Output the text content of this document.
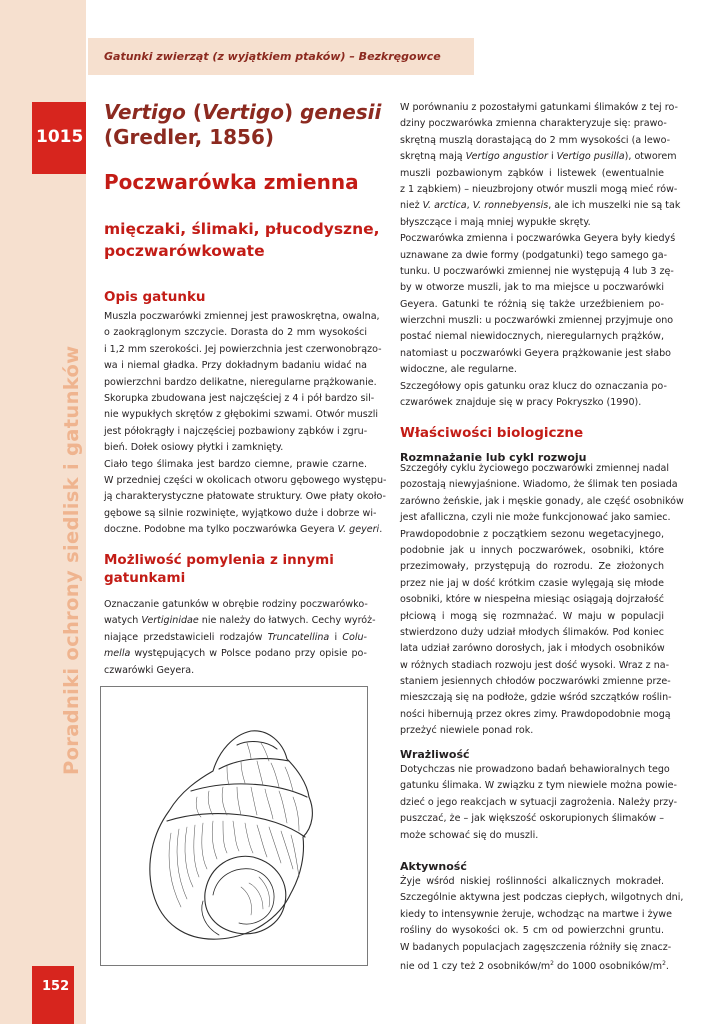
Gatunki zwierząt (z wyjątkiem ptaków) – Bezkręgowce
1015
Poradniki ochrony siedlisk i gatunków
152
Vertigo (Vertigo) genesii
(Gredler, 1856)
Poczwarówka zmienna
mięczaki, ślimaki, płucodyszne,
poczwarówkowate
Opis gatunku
Muszla poczwarówki zmiennej jest prawoskrętna, owalna,
o zaokrąglonym szczycie. Dorasta do 2 mm wysokości
i 1,2 mm szerokości. Jej powierzchnia jest czerwonobrązo-
wa i niemal gładka. Przy dokładnym badaniu widać na
powierzchni bardzo delikatne, nieregularne prążkowanie.
Skorupka zbudowana jest najczęściej z 4 i pół bardzo sil-
nie wypukłych skrętów z głębokimi szwami. Otwór muszli
jest półokrągły i najczęściej pozbawiony ząbków i zgru-
bień. Dołek osiowy płytki i zamknięty.
Ciało tego ślimaka jest bardzo ciemne, prawie czarne.
W przedniej części w okolicach otworu gębowego występu-
ją charakterystyczne płatowate struktury. Owe płaty około-
gębowe są silnie rozwinięte, wyjątkowo duże i dobrze wi-
doczne. Podobne ma tylko poczwarówka Geyera V. geyeri.
Możliwość pomylenia z innymi
gatunkami
Oznaczanie gatunków w obrębie rodziny poczwarówko-
watych Vertiginidae nie należy do łatwych. Cechy wyróż-
niające przedstawicieli rodzajów Truncatellina i Colu-
mella występujących w Polsce podano przy opisie po-
czwarówki Geyera.
W porównaniu z pozostałymi gatunkami ślimaków z tej ro-
dziny poczwarówka zmienna charakteryzuje się: prawo-
skrętną muszlą dorastającą do 2 mm wysokości (a lewo-
skrętną mają Vertigo angustior i Vertigo pusilla), otworem
muszli pozbawionym ząbków i listewek (ewentualnie
z 1 ząbkiem) – nieuzbrojony otwór muszli mogą mieć rów-
nież V. arctica, V. ronnebyensis, ale ich muszelki nie są tak
błyszczące i mają mniej wypukłe skręty.
Poczwarówka zmienna i poczwarówka Geyera były kiedyś
uznawane za dwie formy (podgatunki) tego samego ga-
tunku. U poczwarówki zmiennej nie występują 4 lub 3 zę-
by w otworze muszli, jak to ma miejsce u poczwarówki
Geyera. Gatunki te różnią się także urzeźbieniem po-
wierzchni muszli: u poczwarówki zmiennej przyjmuje ono
postać niemal niewidocznych, nieregularnych prążków,
natomiast u poczwarówki Geyera prążkowanie jest słabo
widoczne, ale regularne.
Szczegółowy opis gatunku oraz klucz do oznaczania po-
czwarówek znajduje się w pracy Pokryszko (1990).
Właściwości biologiczne
Rozmnażanie lub cykl rozwoju
Szczegóły cyklu życiowego poczwarówki zmiennej nadal
pozostają niewyjaśnione. Wiadomo, że ślimak ten posiada
zarówno żeńskie, jak i męskie gonady, ale część osobników
jest afalliczna, czyli nie może funkcjonować jako samiec.
Prawdopodobnie z początkiem sezonu wegetacyjnego,
podobnie jak u innych poczwarówek, osobniki, które
przezimowały, przystępują do rozrodu. Ze złożonych
przez nie jaj w dość krótkim czasie wylęgają się młode
osobniki, które w niespełna miesiąc osiągają dojrzałość
płciową i mogą się rozmnażać. W maju w populacji
stwierdzono duży udział młodych ślimaków. Pod koniec
lata udział zarówno dorosłych, jak i młodych osobników
w różnych stadiach rozwoju jest dość wysoki. Wraz z na-
staniem jesiennych chłodów poczwarówki zmienne prze-
mieszczają się na podłoże, gdzie wśród szczątków roślin-
ności hibernują przez okres zimy. Prawdopodobnie mogą
przeżyć niewiele ponad rok.
Wrażliwość
Dotychczas nie prowadzono badań behawioralnych tego
gatunku ślimaka. W związku z tym niewiele można powie-
dzieć o jego reakcjach w sytuacji zagrożenia. Należy przy-
puszczać, że – jak większość oskorupionych ślimaków –
może schować się do muszli.
Aktywność
Żyje wśród niskiej roślinności alkalicznych mokradeł.
Szczególnie aktywna jest podczas ciepłych, wilgotnych dni,
kiedy to intensywnie żeruje, wchodząc na martwe i żywe
rośliny do wysokości ok. 5 cm od powierzchni gruntu.
W badanych populacjach zagęszczenia różniły się znacz-
nie od 1 czy też 2 osobników/$m^2$ do 1000 osobników/$m^2$.
